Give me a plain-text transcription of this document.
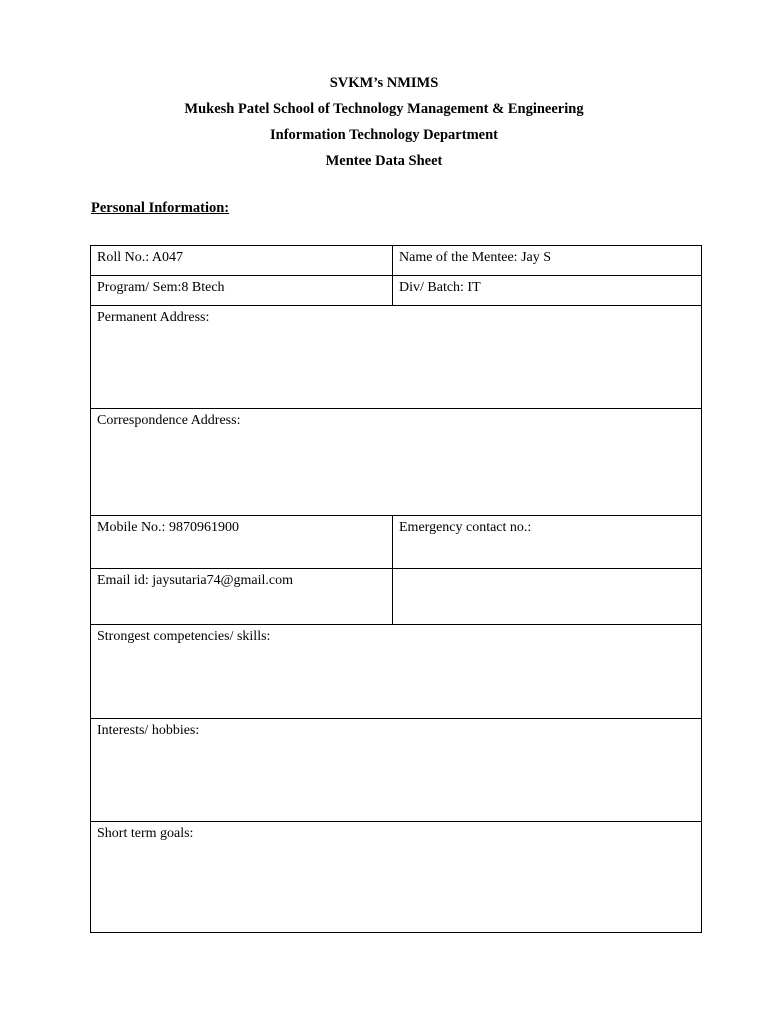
SVKM’s NMIMS
Mukesh Patel School of Technology Management & Engineering
Information Technology Department
Mentee Data Sheet
Personal Information:
Roll No.: A047	Name of the Mentee: Jay S
Program/ Sem:8 Btech	Div/ Batch: IT
Permanent Address:	
Correspondence Address:	
Mobile No.: 9870961900	Emergency contact no.:
Email id: jaysutaria74@gmail.com	
Strongest competencies/ skills:	
Interests/ hobbies:	
Short term goals:	
